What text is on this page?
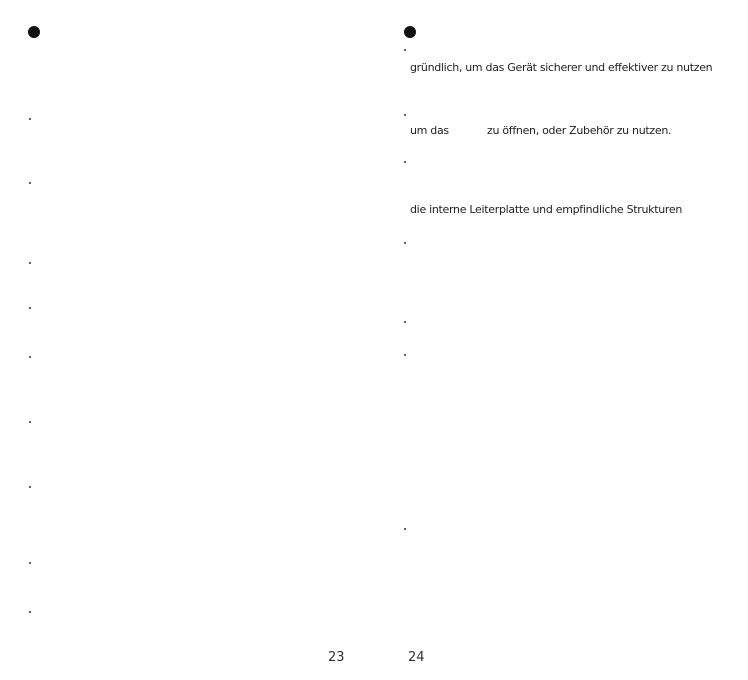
23
gründlich, um das Gerät sicherer und effektiver zu nutzen
um das	zu öffnen, oder Zubehör zu nutzen.
die interne Leiterplatte und empfindliche Strukturen
24
